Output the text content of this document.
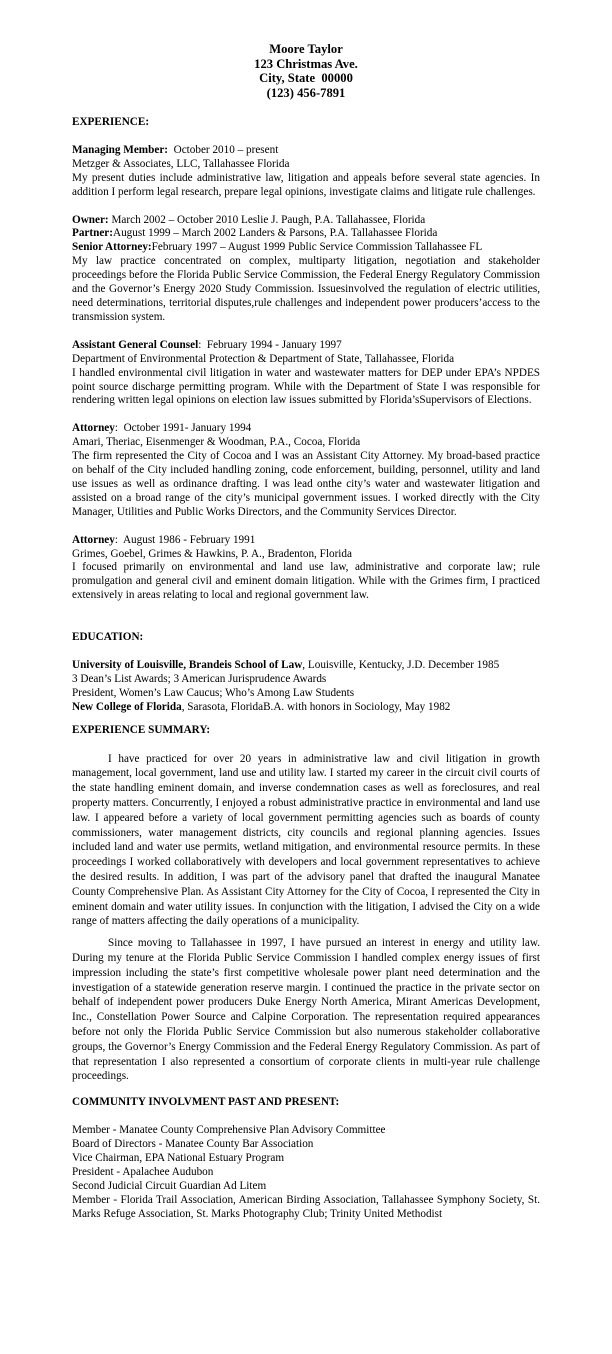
Moore Taylor
123 Christmas Ave.
City, State  00000
(123) 456-7891
EXPERIENCE:

Managing Member:  October 2010 – present

Metzger & Associates, LLC, Tallahassee Florida

My present duties include administrative law, litigation and appeals before several state agencies. In addition I perform legal research, prepare legal opinions, investigate claims and litigate rule challenges.

Owner: March 2002 – October 2010 Leslie J. Paugh, P.A. Tallahassee, Florida

Partner:August 1999 – March 2002 Landers & Parsons, P.A. Tallahassee Florida

Senior Attorney:February 1997 – August 1999 Public Service Commission Tallahassee FL

My law practice concentrated on complex, multiparty litigation, negotiation and stakeholder proceedings before the Florida Public Service Commission, the Federal Energy Regulatory Commission and the Governor’s Energy 2020 Study Commission. Issuesinvolved the regulation of electric utilities, need determinations, territorial disputes,rule challenges and independent power producers’access to the transmission system.

Assistant General Counsel:  February 1994 - January 1997

Department of Environmental Protection & Department of State, Tallahassee, Florida

I handled environmental civil litigation in water and wastewater matters for DEP under EPA’s NPDES point source discharge permitting program. While with the Department of State I was responsible for rendering written legal opinions on election law issues submitted by Florida’sSupervisors of Elections.

Attorney:  October 1991- January 1994

Amari, Theriac, Eisenmenger & Woodman, P.A., Cocoa, Florida

The firm represented the City of Cocoa and I was an Assistant City Attorney. My broad-based practice on behalf of the City included handling zoning, code enforcement, building, personnel, utility and land use issues as well as ordinance drafting. I was lead onthe city’s water and wastewater litigation and assisted on a broad range of the city’s municipal government issues. I worked directly with the City Manager, Utilities and Public Works Directors, and the Community Services Director.

Attorney:  August 1986 - February 1991

Grimes, Goebel, Grimes & Hawkins, P. A., Bradenton, Florida

I focused primarily on environmental and land use law, administrative and corporate law; rule promulgation and general civil and eminent domain litigation. While with the Grimes firm, I practiced extensively in areas relating to local and regional government law.

EDUCATION:

University of Louisville, Brandeis School of Law, Louisville, Kentucky, J.D. December 1985

3 Dean’s List Awards; 3 American Jurisprudence Awards

President, Women’s Law Caucus; Who’s Among Law Students

New College of Florida, Sarasota, FloridaB.A. with honors in Sociology, May 1982

EXPERIENCE SUMMARY:

I have practiced for over 20 years in administrative law and civil litigation in growth management, local government, land use and utility law. I started my career in the circuit civil courts of the state handling eminent domain, and inverse condemnation cases as well as foreclosures, and real property matters. Concurrently, I enjoyed a robust administrative practice in environmental and land use law. I appeared before a variety of local government permitting agencies such as boards of county commissioners, water management districts, city councils and regional planning agencies. Issues included land and water use permits, wetland mitigation, and environmental resource permits. In these proceedings I worked collaboratively with developers and local government representatives to achieve the desired results. In addition, I was part of the advisory panel that drafted the inaugural Manatee County Comprehensive Plan. As Assistant City Attorney for the City of Cocoa, I represented the City in eminent domain and water utility issues. In conjunction with the litigation, I advised the City on a wide range of matters affecting the daily operations of a municipality.

Since moving to Tallahassee in 1997, I have pursued an interest in energy and utility law. During my tenure at the Florida Public Service Commission I handled complex energy issues of first impression including the state’s first competitive wholesale power plant need determination and the investigation of a statewide generation reserve margin. I continued the practice in the private sector on behalf of independent power producers Duke Energy North America, Mirant Americas Development, Inc., Constellation Power Source and Calpine Corporation. The representation required appearances before not only the Florida Public Service Commission but also numerous stakeholder collaborative groups, the Governor’s Energy Commission and the Federal Energy Regulatory Commission. As part of that representation I also represented a consortium of corporate clients in multi-year rule challenge proceedings.

COMMUNITY INVOLVMENT PAST AND PRESENT:

Member - Manatee County Comprehensive Plan Advisory Committee

Board of Directors - Manatee County Bar Association

Vice Chairman, EPA National Estuary Program

President - Apalachee Audubon

Second Judicial Circuit Guardian Ad Litem

Member - Florida Trail Association, American Birding Association, Tallahassee Symphony Society, St. Marks Refuge Association, St. Marks Photography Club; Trinity United Methodist
